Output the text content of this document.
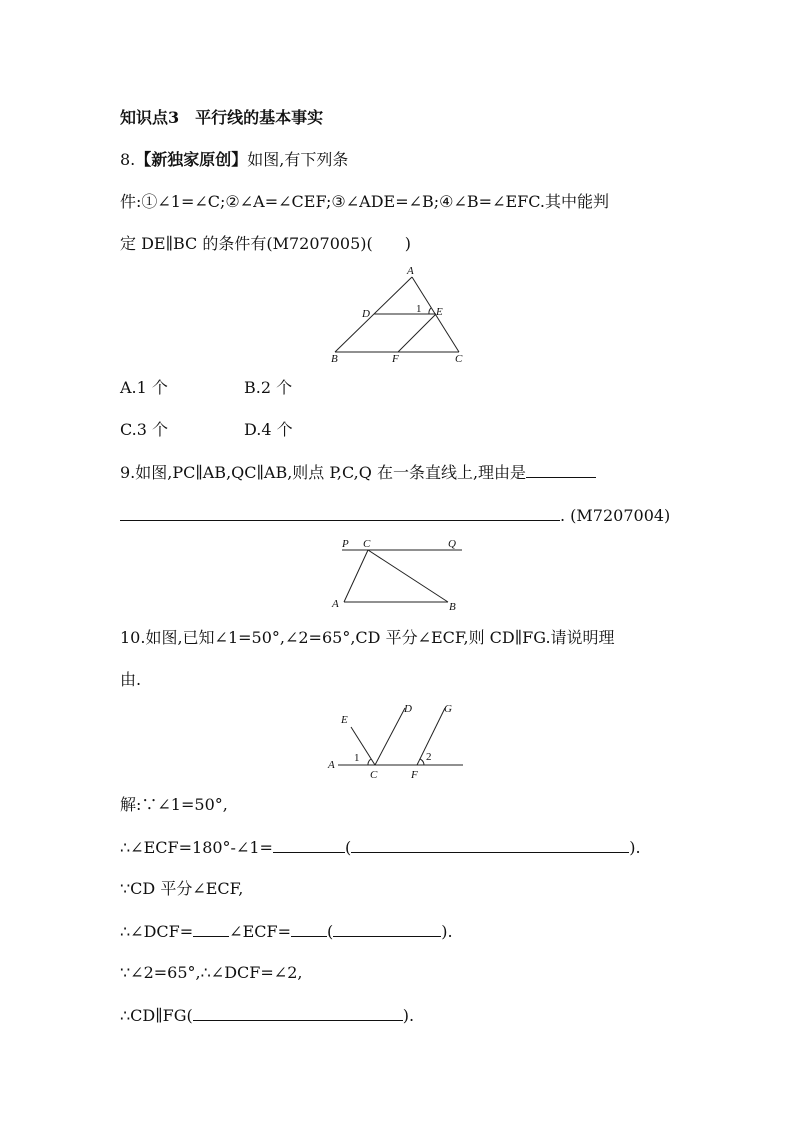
知识点3　平行线的基本事实
8.【新独家原创】如图,有下列条
件:①∠1=∠C;②∠A=∠CEF;③∠ADE=∠B;④∠B=∠EFC.其中能判
定 DE∥BC 的条件有(M7207005)(　　)
A
D	1 E
B	F	C
A.1 个	B.2 个
C.3 个	D.4 个
9.如图,PC∥AB,QC∥AB,则点 P,C,Q 在一条直线上,理由是
. (M7207004)
P C	Q
A	B
10.如图,已知∠1=50°,∠2=65°,CD 平分∠ECF,则 CD∥FG.请说明理
由.
E
D	G
1	2
A
C	F
解:∵∠1=50°,
∴∠ECF=180°-∠1=	(	).
∵CD 平分∠ECF,
∴∠DCF= ∠ECF= (	).
∵∠2=65°,∴∠DCF=∠2,
∴CD∥FG(	).
